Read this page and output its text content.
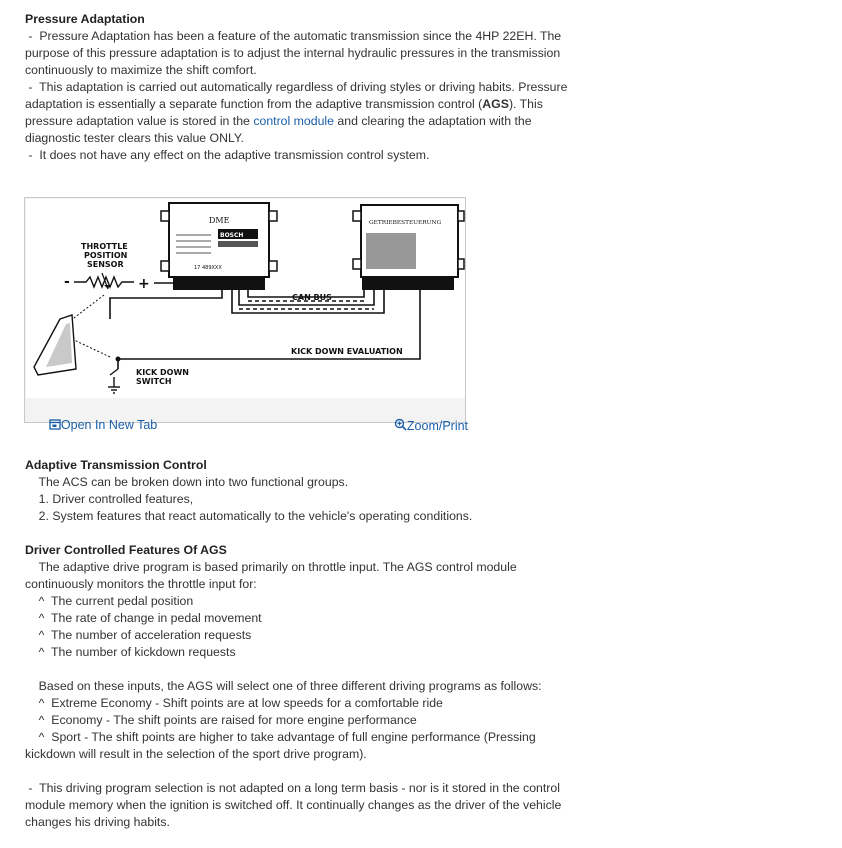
Pressure Adaptation
-  Pressure Adaptation has been a feature of the automatic transmission since the 4HP 22EH. The
purpose of this pressure adaptation is to adjust the internal hydraulic pressures in the transmission
continuously to maximize the shift comfort.
-  This adaptation is carried out automatically regardless of driving styles or driving habits. Pressure
adaptation is essentially a separate function from the adaptive transmission control (AGS). This
pressure adaptation value is stored in the control module and clearing the adaptation with the
diagnostic tester clears this value ONLY.
-  It does not have any effect on the adaptive transmission control system.
DME
BOSCH
17 489XXX
GETRIEBESTEUERUNG
CAN BUS
KICK DOWN EVALUATION
THROTTLE
POSITION
SENSOR
-	+
KICK DOWN
SWITCH

Open In New Tab
	Zoom/Print

Adaptive Transmission Control
The ACS can be broken down into two functional groups.
1. Driver controlled features,
2. System features that react automatically to the vehicle's operating conditions.
Driver Controlled Features Of AGS
The adaptive drive program is based primarily on throttle input. The AGS control module
continuously monitors the throttle input for:
^  The current pedal position
^  The rate of change in pedal movement
^  The number of acceleration requests
^  The number of kickdown requests
Based on these inputs, the AGS will select one of three different driving programs as follows:
^  Extreme Economy - Shift points are at low speeds for a comfortable ride
^  Economy - The shift points are raised for more engine performance
^  Sport - The shift points are higher to take advantage of full engine performance (Pressing
kickdown will result in the selection of the sport drive program).
-  This driving program selection is not adapted on a long term basis - nor is it stored in the control
module memory when the ignition is switched off. It continually changes as the driver of the vehicle
changes his driving habits.
